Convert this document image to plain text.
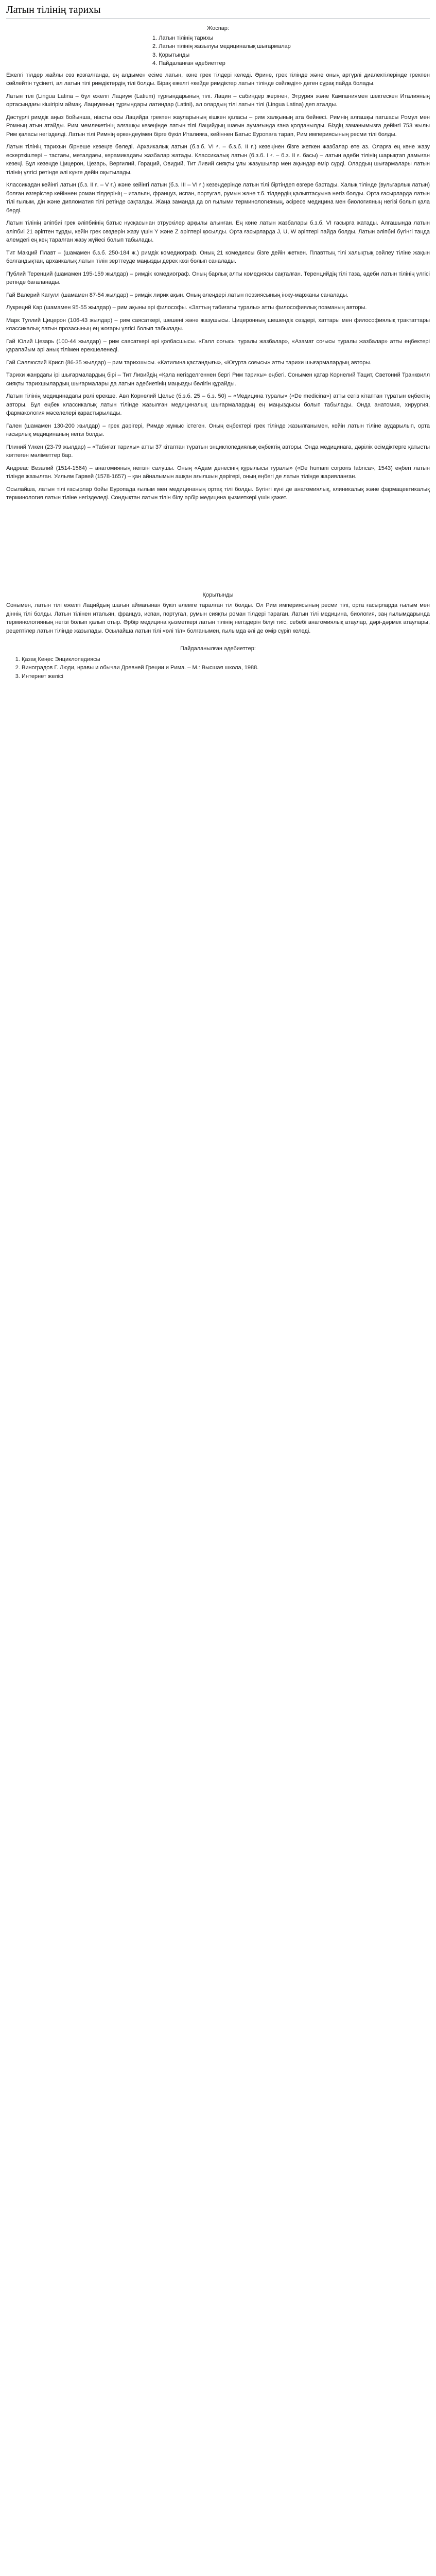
Латын тілінің тарихы
Жоспар:
1. Латын тілінің тарихы
2. Латын тілінің жазылуы медициналық шығармалар
3. Қорытынды
4. Пайдаланған әдебиеттер

Ежелгі тілдер жайлы сөз қозғалғанда, ең алдымен есіме латын, көне грек тілдері келеді. Әрине, грек тілінде және оның артұрлі диалектілерінде грекпен сөйлейтін тұсінеті, ал латын тілі римдіктердің тілі болды. Бірақ ежелгі «кейде римдіктер латын тілінде сөйледі»» деген сұрақ пайда болады.

Латын тілі (Lingua Latina – бұл ежелгі Лациум (Latium) тұрғындарының тілі. Лацин – сабиндер жерінен, Этрурия және Кампаниямен шектескен Италияның ортасындағы кішігірім аймақ. Лациумның тұрғындары латиндар (Latini), ал олардың тілі латын тілі (Lingua Latina) деп аталды.

Дәстүрлі римдік аңыз бойынша, ніасты осы Лацийда грекпен жауларының кішкен қаласы – рим халқының ата бейнесі. Римнің алғашқы патшасы Ромул мен Ромның атын атайды. Рим мемлекетінің алғашқы кезеңінде латын тілі Лацийдың шағын аумағында ғана қолданылды. Біздің заманымызға дейінгі 753 жылы Рим қаласы негізделді. Латын тілі Римнің өркендеуімен бірге бүкіл Италияға, кейіннен Батыс Еуропаға тарап, Рим империясының ресми тілі болды.

Латын тілінің тарихын бірнеше кезеңге бөледі. Архаикалық латын (б.з.б. VI ғ. – б.з.б. II ғ.) кезеңінен бізге жеткен жазбалар өте аз. Оларға ең көне жазу ескерткіштері – тастағы, металдағы, керамикадағы жазбалар жатады. Классикалық латын (б.з.б. I ғ. – б.з. II ғ. басы) – латын әдеби тілінің шарықтап дамыған кезеңі. Бұл кезеңде Цицерон, Цезарь, Вергилий, Гораций, Овидий, Тит Ливий сияқты ұлы жазушылар мен ақындар өмір сүрді. Олардың шығармалары латын тілінің үлгісі ретінде әлі күнге дейін оқытылады.

Классикадан кейінгі латын (б.з. II ғ. – V ғ.) және кейінгі латын (б.з. III – VI ғ.) кезеңдерінде латын тілі біртіндеп өзгере бастады. Халық тілінде (вульгарлық латын) болған өзгерістер кейіннен роман тілдерінің – итальян, француз, испан, португал, румын және т.б. тілдердің қалыптасуына негіз болды. Орта ғасырларда латын тілі ғылым, дін және дипломатия тілі ретінде сақталды. Жаңа заманда да ол ғылыми терминологияның, әсіресе медицина мен биологияның негізі болып қала берді.

Латын тілінің әліпбиі грек әліпбиінің батыс нұсқасынан этрускілер арқылы алынған. Ең көне латын жазбалары б.з.б. VI ғасырға жатады. Алғашында латын әліпбиі 21 әріптен тұрды, кейін грек сөздерін жазу үшін Y және Z әріптері қосылды. Орта ғасырларда J, U, W әріптері пайда болды. Латын әліпбиі бүгінгі таңда әлемдегі ең кең таралған жазу жүйесі болып табылады.

Тит Макций Плавт – (шамамен б.з.б. 250-184 ж.) римдік комедиограф. Оның 21 комедиясы бізге дейін жеткен. Плавттың тілі халықтық сөйлеу тіліне жақын болғандықтан, архаикалық латын тілін зерттеуде маңызды дерек көзі болып саналады.

Публий Теренций (шамамен 195-159 жылдар) – римдік комедиограф. Оның барлық алты комедиясы сақталған. Теренцийдің тілі таза, әдеби латын тілінің үлгісі ретінде бағаланады.

Гай Валерий Катулл (шамамен 87-54 жылдар) – римдік лирик ақын. Оның өлеңдері латын поэзиясының інжу-маржаны саналады.

Лукреций Кар (шамамен 95-55 жылдар) – рим ақыны әрі философы. «Заттың табиғаты туралы» атты философиялық поэманың авторы.

Марк Туллий Цицерон (106-43 жылдар) – рим саясаткері, шешені және жазушысы. Цицеронның шешендік сөздері, хаттары мен философиялық трактаттары классикалық латын прозасының ең жоғары үлгісі болып табылады.

Гай Юлий Цезарь (100-44 жылдар) – рим саясаткері әрі қолбасшысы. «Галл соғысы туралы жазбалар», «Азамат соғысы туралы жазбалар» атты еңбектері қарапайым әрі анық тілімен ерекшеленеді.

Гай Саллюстий Крисп (86-35 жылдар) – рим тарихшысы. «Катилина қастандығы», «Югурта соғысы» атты тарихи шығармалардың авторы.

Тарихи жанрдағы ірі шығармалардың бірі – Тит Ливийдің «Қала негізделгеннен бергі Рим тарихы» еңбегі. Сонымен қатар Корнелий Тацит, Светоний Транквилл сияқты тарихшылардың шығармалары да латын әдебиетінің маңызды бөлігін құрайды.

Латын тілінің медицинадағы рөлі ерекше. Авл Корнелий Цельс (б.з.б. 25 – б.з. 50) – «Медицина туралы» («De medicina») атты сегіз кітаптан тұратын еңбектің авторы. Бұл еңбек классикалық латын тілінде жазылған медициналық шығармалардың ең маңыздысы болып табылады. Онда анатомия, хирургия, фармакология мәселелері қарастырылады.

Гален (шамамен 130-200 жылдар) – грек дәрігері, Римде жұмыс істеген. Оның еңбектері грек тілінде жазылғанымен, кейін латын тіліне аударылып, орта ғасырлық медицинаның негізі болды.

Плиний Үлкен (23-79 жылдар) – «Табиғат тарихы» атты 37 кітаптан тұратын энциклопедиялық еңбектің авторы. Онда медицинаға, дәрілік өсімдіктерге қатысты көптеген мәліметтер бар.

Андреас Везалий (1514-1564) – анатомияның негізін салушы. Оның «Адам денесінің құрылысы туралы» («De humani corporis fabrica», 1543) еңбегі латын тілінде жазылған. Уильям Гарвей (1578-1657) – қан айналымын ашқан ағылшын дәрігері, оның еңбегі де латын тілінде жарияланған.

Осылайша, латын тілі ғасырлар бойы Еуропада ғылым мен медицинаның ортақ тілі болды. Бүгінгі күні де анатомиялық, клиникалық және фармацевтикалық терминология латын тіліне негізделеді. Сондықтан латын тілін білу әрбір медицина қызметкері үшін қажет.

Қорытынды

Сонымен, латын тілі ежелгі Лацийдың шағын аймағынан бүкіл әлемге таралған тіл болды. Ол Рим империясының ресми тілі, орта ғасырларда ғылым мен діннің тілі болды. Латын тілінен итальян, француз, испан, португал, румын сияқты роман тілдері тараған. Латын тілі медицина, биология, заң ғылымдарында терминологияның негізі болып қалып отыр. Әрбір медицина қызметкері латын тілінің негіздерін білуі тиіс, себебі анатомиялық атаулар, дәрі-дәрмек атаулары, рецептілер латын тілінде жазылады. Осылайша латын тілі «өлі тіл» болғанымен, ғылымда әлі де өмір сүріп келеді.

Пайдаланылған әдебиеттер:
1. Қазақ Кеңес Энциклопедиясы
2. Виноградов Г. Люди, нравы и обычаи Древней Греции и Рима. – М.: Высшая школа, 1988.
3. Интернет желісі
